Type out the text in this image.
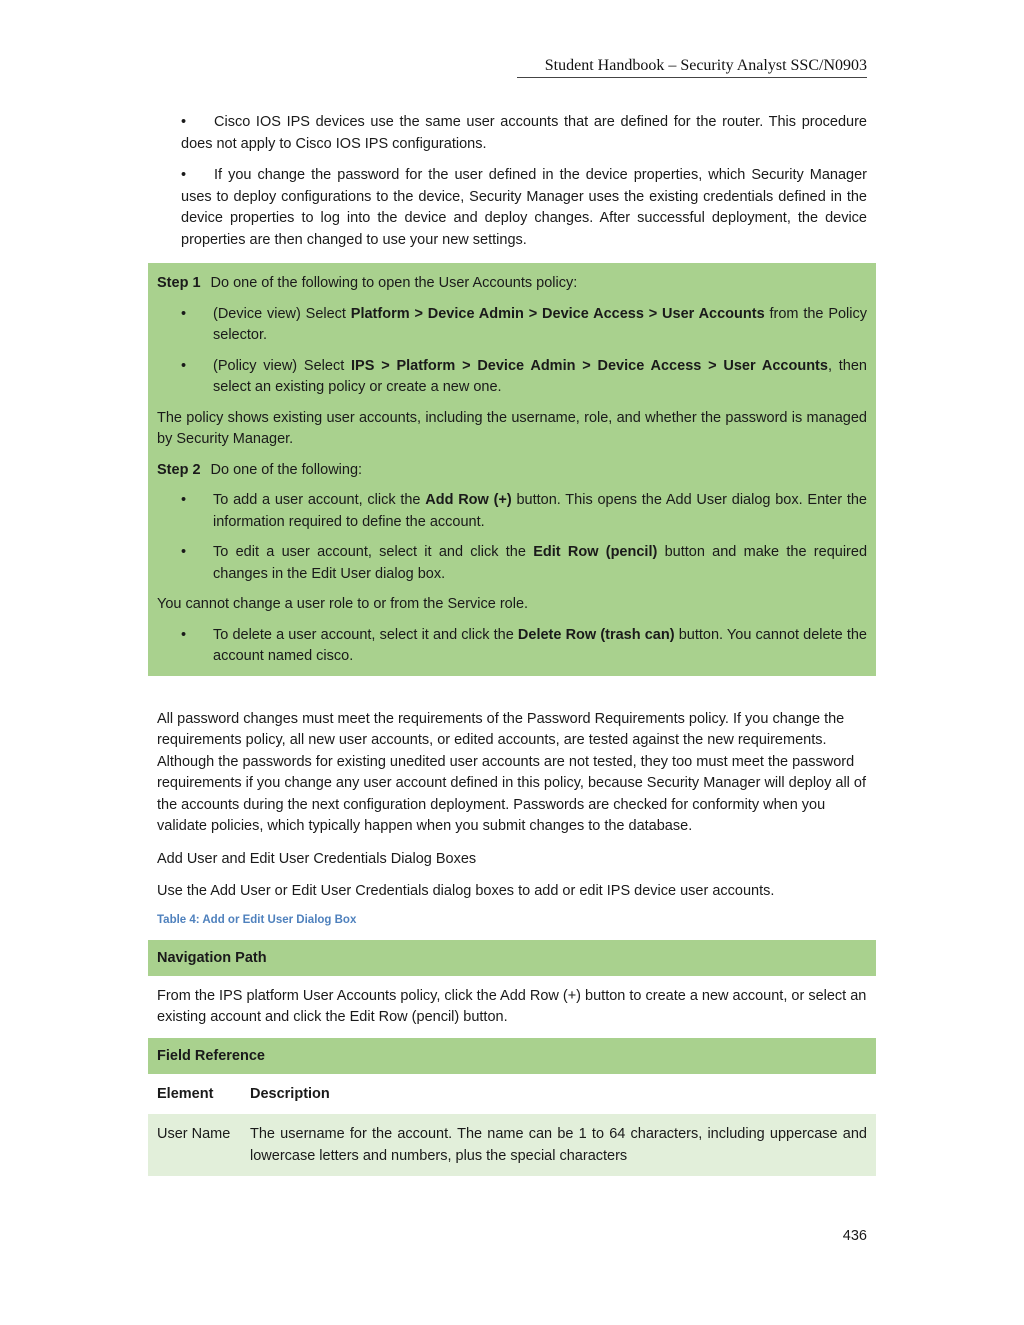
Student Handbook – Security Analyst SSC/N0903

• Cisco IOS IPS devices use the same user accounts that are defined for the router. This procedure does not apply to Cisco IOS IPS configurations.

• If you change the password for the user defined in the device properties, which Security Manager uses to deploy configurations to the device, Security Manager uses the existing credentials defined in the device properties to log into the device and deploy changes. After successful deployment, the device properties are then changed to use your new settings.

Step 1 Do one of the following to open the User Accounts policy:

• (Device view) Select Platform > Device Admin > Device Access > User Accounts from the Policy selector.

• (Policy view) Select IPS > Platform > Device Admin > Device Access > User Accounts, then select an existing policy or create a new one.

The policy shows existing user accounts, including the username, role, and whether the password is managed by Security Manager.

Step 2 Do one of the following:

• To add a user account, click the Add Row (+) button. This opens the Add User dialog box. Enter the information required to define the account.

• To edit a user account, select it and click the Edit Row (pencil) button and make the required changes in the Edit User dialog box.

You cannot change a user role to or from the Service role.

• To delete a user account, select it and click the Delete Row (trash can) button. You cannot delete the account named cisco.

All password changes must meet the requirements of the Password Requirements policy. If you change the requirements policy, all new user accounts, or edited accounts, are tested against the new requirements. Although the passwords for existing unedited user accounts are not tested, they too must meet the password requirements if you change any user account defined in this policy, because Security Manager will deploy all of the accounts during the next configuration deployment. Passwords are checked for conformity when you validate policies, which typically happen when you submit changes to the database.

Add User and Edit User Credentials Dialog Boxes

Use the Add User or Edit User Credentials dialog boxes to add or edit IPS device user accounts.

Table 4: Add or Edit User Dialog Box
Navigation Path
From the IPS platform User Accounts policy, click the Add Row (+) button to create a new account, or select an existing account and click the Edit Row (pencil) button.
Field Reference
Element	Description
User Name	The username for the account. The name can be 1 to 64 characters, including uppercase and lowercase letters and numbers, plus the special characters
436
